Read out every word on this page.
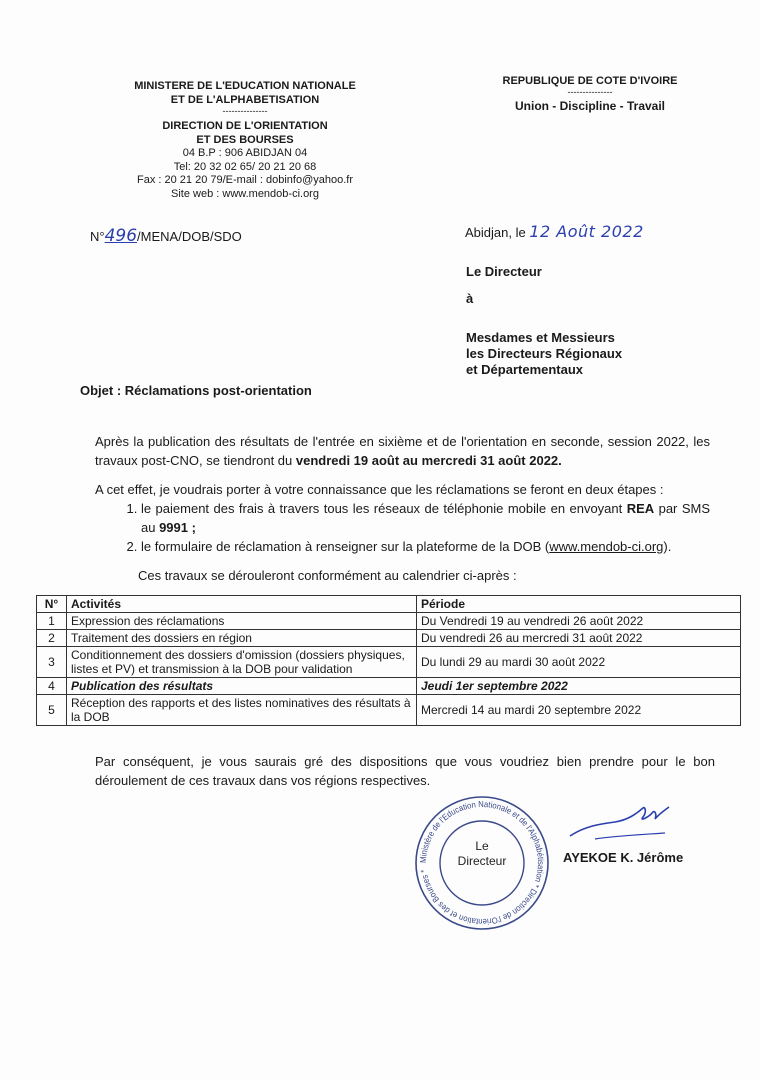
MINISTERE DE L'EDUCATION NATIONALE
ET DE L'ALPHABETISATION
---------------
DIRECTION DE L'ORIENTATION
ET DES BOURSES
04 B.P : 906 ABIDJAN 04
Tel: 20 32 02 65/ 20 21 20 68
Fax : 20 21 20 79/E-mail : dobinfo@yahoo.fr
Site web : www.mendob-ci.org
REPUBLIQUE DE COTE D'IVOIRE
---------------
Union - Discipline - Travail
N°496/MENA/DOB/SDO	Abidjan, le 12 Août 2022
Le Directeur
à
Mesdames et Messieurs
les Directeurs Régionaux
et Départementaux
Objet : Réclamations post-orientation

Après la publication des résultats de l'entrée en sixième et de l'orientation en seconde, session 2022, les travaux post-CNO, se tiendront du vendredi 19 août au mercredi 31 août 2022.

A cet effet, je voudrais porter à votre connaissance que les réclamations se feront en deux étapes :

1. le paiement des frais à travers tous les réseaux de téléphonie mobile en envoyant REA par SMS au 9991 ;
2. le formulaire de réclamation à renseigner sur la plateforme de la DOB (www.mendob-ci.org).

Ces travaux se dérouleront conformément au calendrier ci-après :

N°	Activités	Période
1	Expression des réclamations	Du Vendredi 19 au vendredi 26 août 2022
2	Traitement des dossiers en région	Du vendredi 26 au mercredi 31 août 2022
3	Conditionnement des dossiers d'omission (dossiers physiques, listes et PV) et transmission à la DOB pour validation	Du lundi 29 au mardi 30 août 2022
4	Publication des résultats	Jeudi 1er septembre 2022
5	Réception des rapports et des listes nominatives des résultats à la DOB	Mercredi 14 au mardi 20 septembre 2022

Par conséquent, je vous saurais gré des dispositions que vous voudriez bien prendre pour le bon déroulement de ces travaux dans vos régions respectives.

Ministère de l'Education Nationale et de l'Alphabétisation * Direction de l'Orientation et des Bourses *
Le
Directeur	AYEKOE K. Jérôme
